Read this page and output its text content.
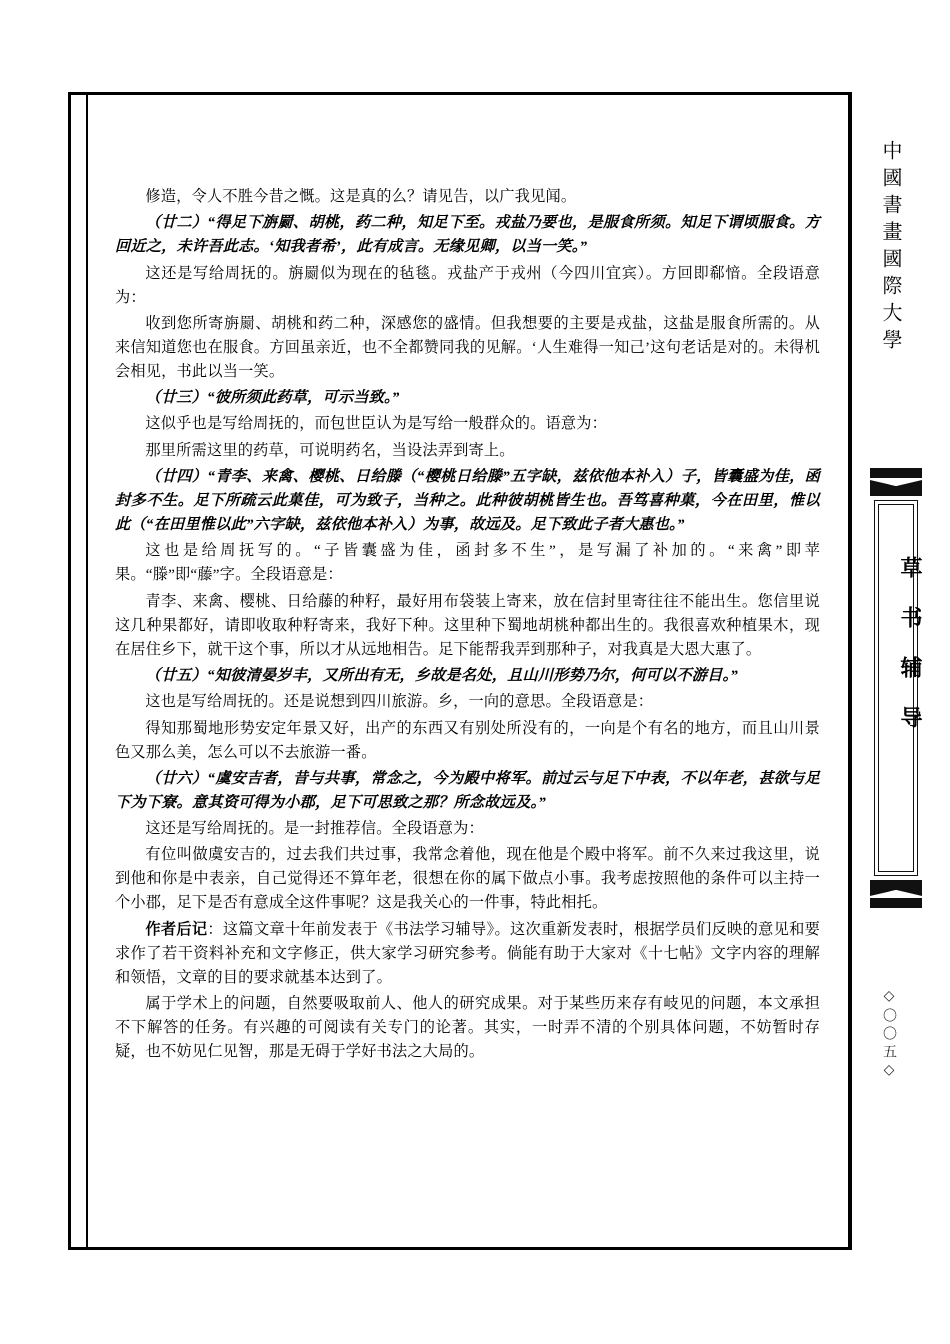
修造，令人不胜今昔之慨。这是真的么？请见告，以广我见闻。

（廿二）“得足下旃罽、胡桃，药二种，知足下至。戎盐乃要也，是服食所须。知足下谓顷服食。方回近之，未许吾此志。‘知我者希’，此有成言。无缘见卿，以当一笑。”

这还是写给周抚的。旃罽似为现在的毡毯。戎盐产于戎州（今四川宜宾）。方回即郗愔。全段语意为：

收到您所寄旃罽、胡桃和药二种，深感您的盛情。但我想要的主要是戎盐，这盐是服食所需的。从来信知道您也在服食。方回虽亲近，也不全都赞同我的见解。‘人生难得一知己’这句老话是对的。未得机会相见，书此以当一笑。

（廿三）“彼所须此药草，可示当致。”

这似乎也是写给周抚的，而包世臣认为是写给一般群众的。语意为：

那里所需这里的药草，可说明药名，当设法弄到寄上。

（廿四）“青李、来禽、樱桃、日给滕（“樱桃日给滕”五字缺，兹依他本补入）子，皆囊盛为佳，函封多不生。足下所疏云此菓佳，可为致子，当种之。此种彼胡桃皆生也。吾笃喜种菓，今在田里，惟以此（“在田里惟以此”六字缺，兹依他本补入）为事，故远及。足下致此子者大惠也。”

这也是给周抚写的。“子皆囊盛为佳，函封多不生”，是写漏了补加的。“来禽”即苹果。“滕”即“藤”字。全段语意是：

青李、来禽、樱桃、日给藤的种籽，最好用布袋装上寄来，放在信封里寄往往不能出生。您信里说这几种果都好，请即收取种籽寄来，我好下种。这里种下蜀地胡桃种都出生的。我很喜欢种植果木，现在居住乡下，就干这个事，所以才从远地相告。足下能帮我弄到那种子，对我真是大恩大惠了。

（廿五）“知彼清晏岁丰，又所出有无，乡故是名处，且山川形势乃尔，何可以不游目。”

这也是写给周抚的。还是说想到四川旅游。乡，一向的意思。全段语意是：

得知那蜀地形势安定年景又好，出产的东西又有别处所没有的，一向是个有名的地方，而且山川景色又那么美，怎么可以不去旅游一番。

（廿六）“虞安吉者，昔与共事，常念之，今为殿中将军。前过云与足下中表，不以年老，甚欲与足下为下寮。意其资可得为小郡，足下可思致之那？所念故远及。”

这还是写给周抚的。是一封推荐信。全段语意为：

有位叫做虞安吉的，过去我们共过事，我常念着他，现在他是个殿中将军。前不久来过我这里，说到他和你是中表亲，自己觉得还不算年老，很想在你的属下做点小事。我考虑按照他的条件可以主持一个小郡，足下是否有意成全这件事呢？这是我关心的一件事，特此相托。

作者后记：这篇文章十年前发表于《书法学习辅导》。这次重新发表时，根据学员们反映的意见和要求作了若干资料补充和文字修正，供大家学习研究参考。倘能有助于大家对《十七帖》文字内容的理解和领悟，文章的目的要求就基本达到了。

属于学术上的问题，自然要吸取前人、他人的研究成果。对于某些历来存有岐见的问题，本文承担不下解答的任务。有兴趣的可阅读有关专门的论著。其实，一时弄不清的个别具体问题，不妨暂时存疑，也不妨见仁见智，那是无碍于学好书法之大局的。

中國書畫國際大學
草书辅导
◇〇〇五◇
